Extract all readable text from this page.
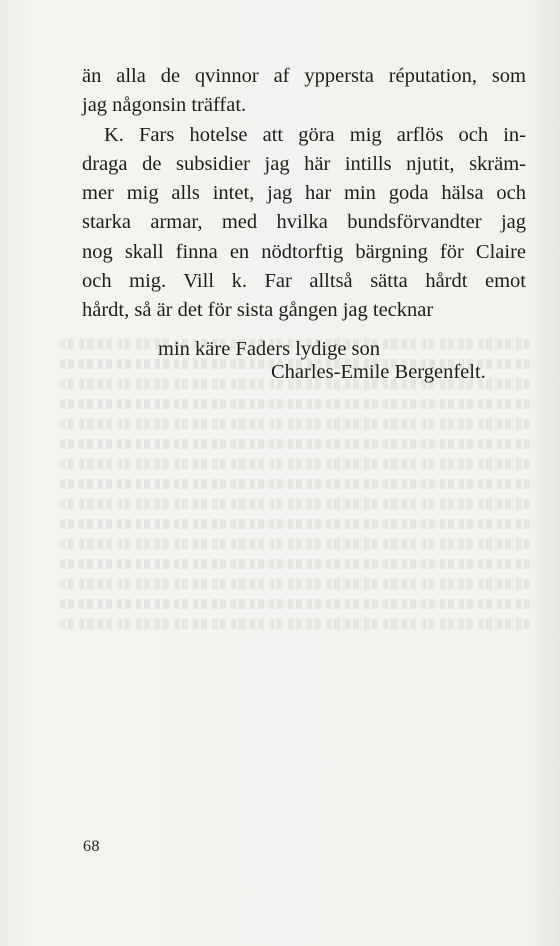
än alla de qvinnor af yppersta réputation, som
jag någonsin träffat.
K. Fars hotelse att göra mig arflös och in-
draga de subsidier jag här intills njutit, skräm-
mer mig alls intet, jag har min goda hälsa och
starka armar, med hvilka bundsförvandter jag
nog skall finna en nödtorftig bärgning för Claire
och mig. Vill k. Far alltså sätta hårdt emot
hårdt, så är det för sista gången jag tecknar
min käre Faders lydige son
Charles-Emile Bergenfelt.
68
